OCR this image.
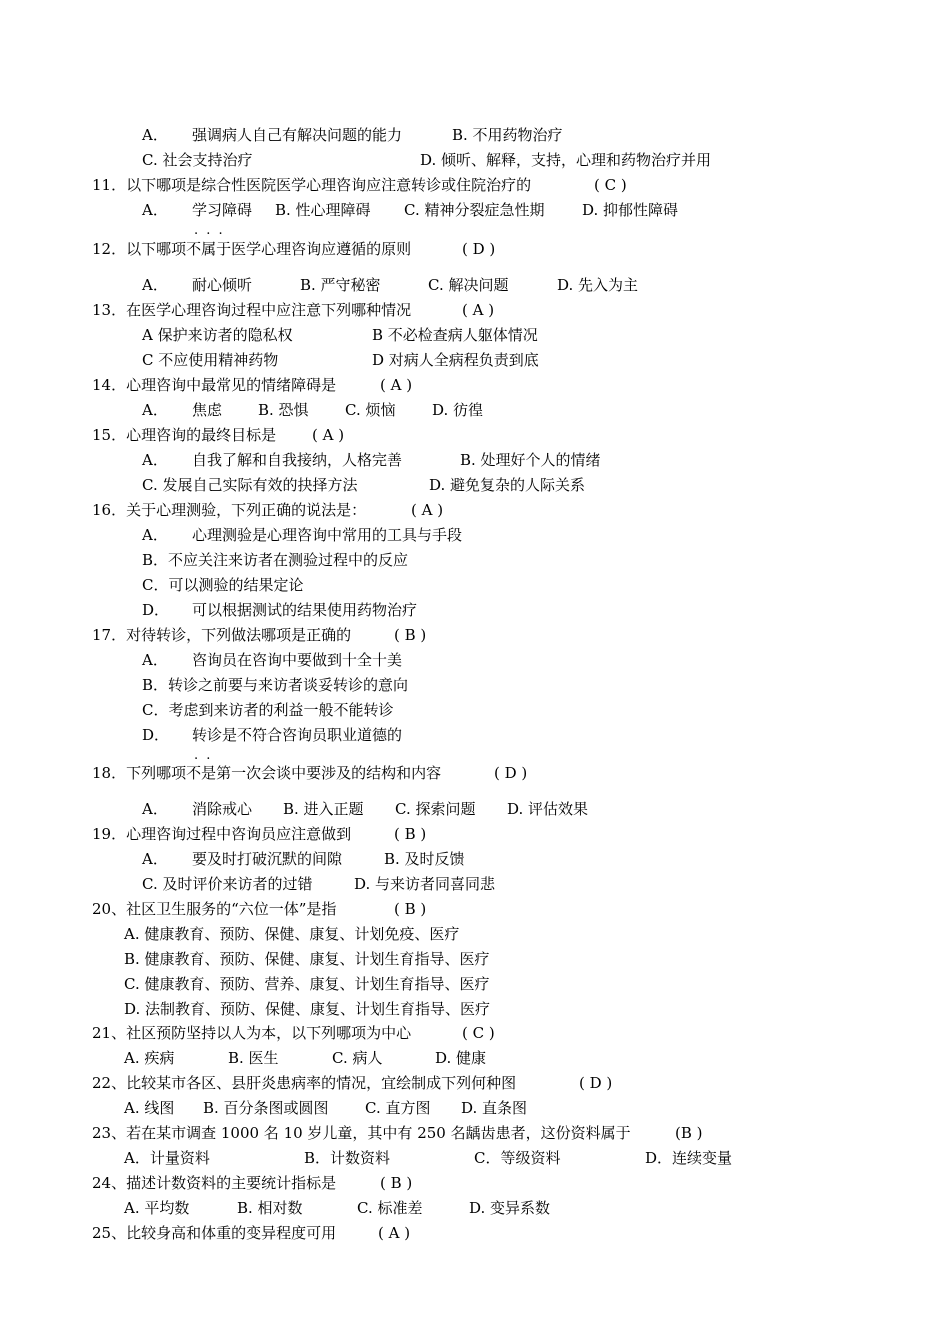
A． 强调病人自己有解决问题的能力	B. 不用药物治疗
C. 社会支持治疗	D. 倾听、解释，支持，心理和药物治疗并用
11．以下哪项是综合性医院医学心理咨询应注意转诊或住院治疗的	( C )
A． 学习障碍 B. 性心理障碍 C. 精神分裂症急性期	D. 抑郁性障碍
12．以下哪项不属于医学心理咨询应遵循的原则	( D )
A． 耐心倾听	B. 严守秘密	C. 解决问题	D. 先入为主
13．在医学心理咨询过程中应注意下列哪种情况	( A )
A 保护来访者的隐私权	B 不必检查病人躯体情况
C 不应使用精神药物	D 对病人全病程负责到底
14．心理咨询中最常见的情绪障碍是	( A )
A． 焦虑 B. 恐惧 C. 烦恼 D. 彷徨
15．心理咨询的最终目标是 ( A )
A． 自我了解和自我接纳，人格完善	B. 处理好个人的情绪
C. 发展自己实际有效的抉择方法	D. 避免复杂的人际关系
16．关于心理测验，下列正确的说法是：	( A )
A． 心理测验是心理咨询中常用的工具与手段
B．不应关注来访者在测验过程中的反应
C．可以测验的结果定论
D． 可以根据测试的结果使用药物治疗
17．对待转诊，下列做法哪项是正确的	( B )
A． 咨询员在咨询中要做到十全十美
B．转诊之前要与来访者谈妥转诊的意向
C．考虑到来访者的利益一般不能转诊
D． 转诊是不符合咨询员职业道德的
18．下列哪项不是第一次会谈中要涉及的结构和内容	( D )
A． 消除戒心 B. 进入正题 C. 探索问题 D. 评估效果
19．心理咨询过程中咨询员应注意做到	( B )
A． 要及时打破沉默的间隙	B. 及时反馈
C. 及时评价来访者的过错	D. 与来访者同喜同悲
20、社区卫生服务的“六位一体”是指	( B )
A. 健康教育、预防、保健、康复、计划免疫、医疗
B. 健康教育、预防、保健、康复、计划生育指导、医疗
C. 健康教育、预防、营养、康复、计划生育指导、医疗
D. 法制教育、预防、保健、康复、计划生育指导、医疗
21、社区预防坚持以人为本，以下列哪项为中心	( C )
A. 疾病	B. 医生	C. 病人	D. 健康
22、比较某市各区、县肝炎患病率的情况，宜绘制成下列何种图	( D )
A. 线图 B. 百分条图或圆图 C. 直方图 D. 直条图
23、若在某市调查 1000 名 10 岁儿童，其中有 250 名龋齿患者，这份资料属于	(B )
A．计量资料	B．计数资料	C．等级资料	D．连续变量
24、描述计数资料的主要统计指标是	( B )
A. 平均数	B. 相对数	C. 标准差	D. 变异系数
25、比较身高和体重的变异程度可用	( A )
. . .
. .
